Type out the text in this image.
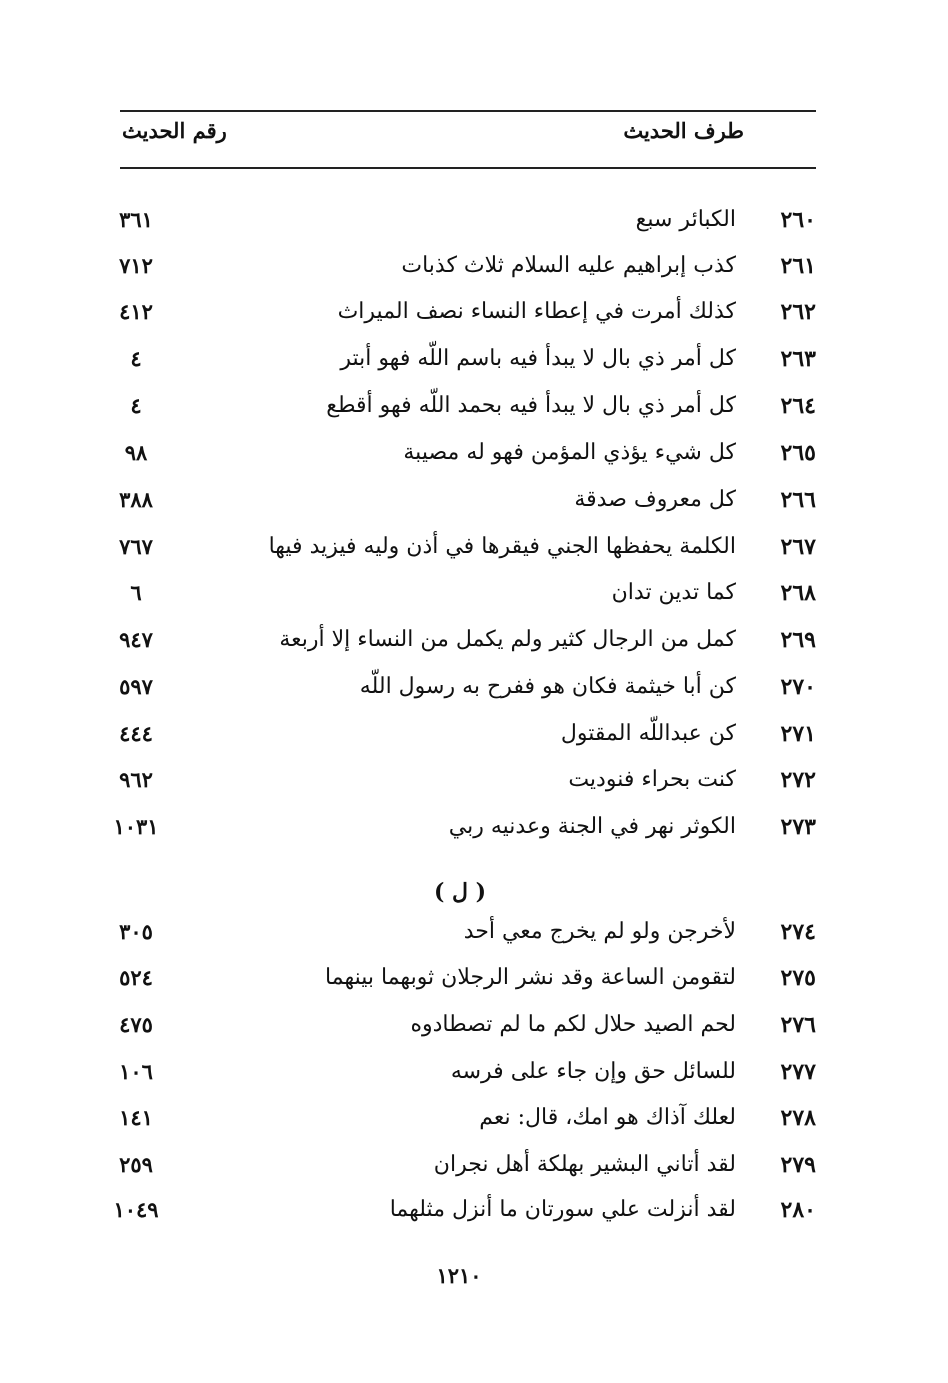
طرف الحديث
رقم الحديث
٢٦٠
الكبائر سبع
٣٦١
٢٦١
كذب إبراهيم عليه السلام ثلاث كذبات
٧١٢
٢٦٢
كذلك أمرت في إعطاء النساء نصف الميراث
٤١٢
٢٦٣
كل أمر ذي بال لا يبدأ فيه باسم اللّه فهو أبتر
٤
٢٦٤
كل أمر ذي بال لا يبدأ فيه بحمد اللّه فهو أقطع
٤
٢٦٥
كل شيء يؤذي المؤمن فهو له مصيبة
٩٨
٢٦٦
كل معروف صدقة
٣٨٨
٢٦٧
الكلمة يحفظها الجني فيقرها في أذن وليه فيزيد فيها
٧٦٧
٢٦٨
كما تدين تدان
٦
٢٦٩
كمل من الرجال كثير ولم يكمل من النساء إلا أربعة
٩٤٧
٢٧٠
كن أبا خيثمة فكان هو ففرح به رسول اللّه
٥٩٧
٢٧١
كن عبداللّه المقتول
٤٤٤
٢٧٢
كنت بحراء فنوديت
٩٦٢
٢٧٣
الكوثر نهر في الجنة وعدنيه ربي
١٠٣١
( ل )
٢٧٤
لأخرجن ولو لم يخرج معي أحد
٣٠٥
٢٧٥
لتقومن الساعة وقد نشر الرجلان ثوبهما بينهما
٥٢٤
٢٧٦
لحم الصيد حلال لكم ما لم تصطادوه
٤٧٥
٢٧٧
للسائل حق وإن جاء على فرسه
١٠٦
٢٧٨
لعلك آذاك هو امك، قال: نعم
١٤١
٢٧٩
لقد أتاني البشير بهلكة أهل نجران
٢٥٩
٢٨٠
لقد أنزلت علي سورتان ما أنزل مثلهما
١٠٤٩
١٢١٠
